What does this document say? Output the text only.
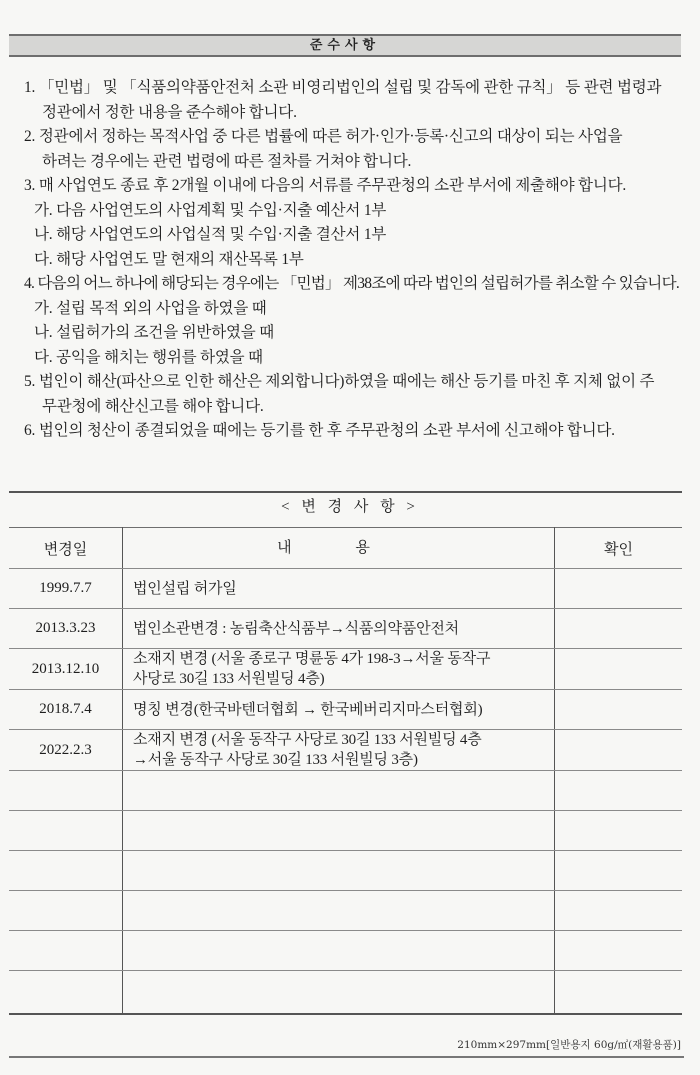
준수사항
1. 「민법」 및 「식품의약품안전처 소관 비영리법인의 설립 및 감독에 관한 규칙」 등 관련 법령과
정관에서 정한 내용을 준수해야 합니다.
2. 정관에서 정하는 목적사업 중 다른 법률에 따른 허가·인가·등록·신고의 대상이 되는 사업을
하려는 경우에는 관련 법령에 따른 절차를 거쳐야 합니다.
3. 매 사업연도 종료 후 2개월 이내에 다음의 서류를 주무관청의 소관 부서에 제출해야 합니다.
가. 다음 사업연도의 사업계획 및 수입·지출 예산서 1부
나. 해당 사업연도의 사업실적 및 수입·지출 결산서 1부
다. 해당 사업연도 말 현재의 재산목록 1부
4. 다음의 어느 하나에 해당되는 경우에는 「민법」 제38조에 따라 법인의 설립허가를 취소할 수 있습니다.
가. 설립 목적 외의 사업을 하였을 때
나. 설립허가의 조건을 위반하였을 때
다. 공익을 해치는 행위를 하였을 때
5. 법인이 해산(파산으로 인한 해산은 제외합니다)하였을 때에는 해산 등기를 마친 후 지체 없이 주
무관청에 해산신고를 해야 합니다.
6. 법인의 청산이 종결되었을 때에는 등기를 한 후 주무관청의 소관 부서에 신고해야 합니다.
< 변 경 사 항 >
변경일	내 용	확인
1999.7.7	법인설립 허가일	

2013.3.23	법인소관변경 : 농림축산식품부→식품의약품안전처	

2013.12.10	소재지 변경 (서울 종로구 명륜동 4가 198-3→서울 동작구
사당로 30길 133 서원빌딩 4층)	

2018.7.4	명칭 변경(한국바텐더협회 → 한국베버리지마스터협회)	

2022.2.3	소재지 변경 (서울 동작구 사당로 30길 133 서원빌딩 4층
→서울 동작구 사당로 30길 133 서원빌딩 3층)	

210mm×297mm[일반용지 60g/㎡(재활용품)]
